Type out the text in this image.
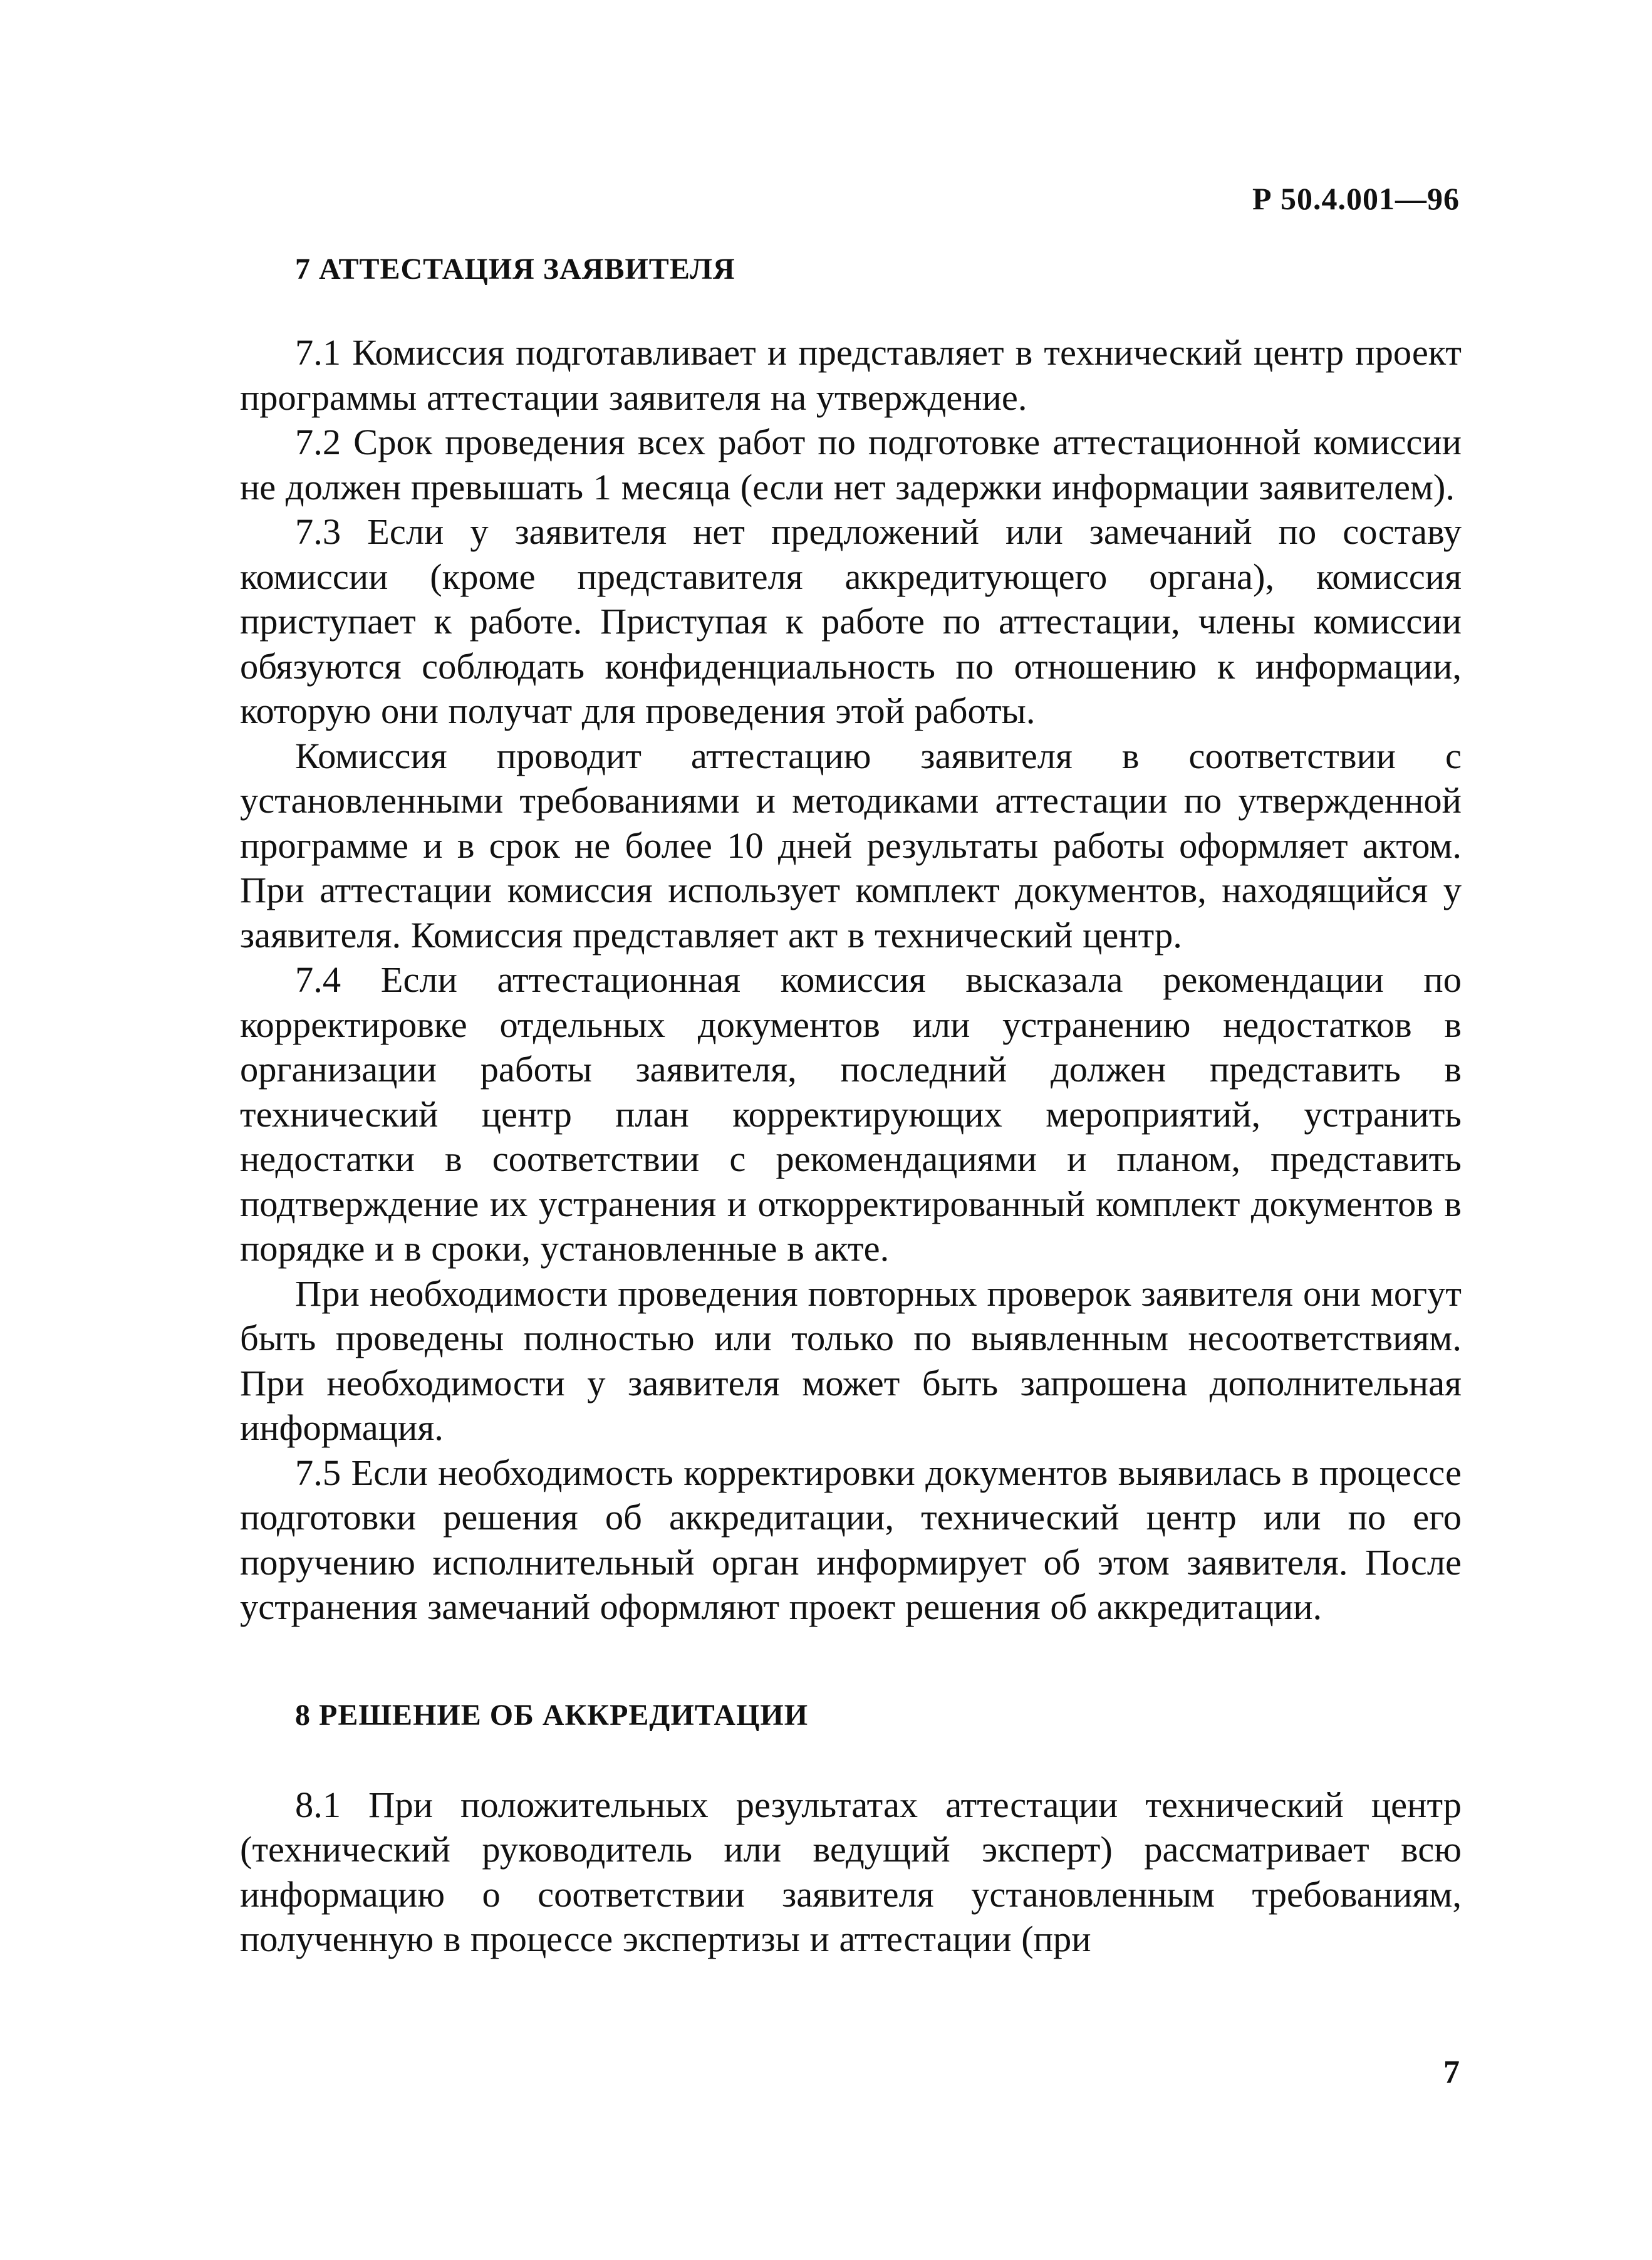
Р 50.4.001—96
7 АТТЕСТАЦИЯ ЗАЯВИТЕЛЯ

7.1 Комиссия подготавливает и представляет в технический центр проект программы аттестации заявителя на утверждение.

7.2 Срок проведения всех работ по подготовке аттестационной комиссии не должен превышать 1 месяца (если нет задержки информации заявителем).

7.3 Если у заявителя нет предложений или замечаний по составу комиссии (кроме представителя аккредитующего органа), комиссия приступает к работе. Приступая к работе по аттестации, члены комиссии обязуются соблюдать конфиденциальность по отношению к информации, которую они получат для проведения этой работы.

Комиссия проводит аттестацию заявителя в соответствии с установленными требованиями и методиками аттестации по утвержденной программе и в срок не более 10 дней результаты работы оформляет актом. При аттестации комиссия использует комплект документов, находящийся у заявителя. Комиссия представляет акт в технический центр.

7.4 Если аттестационная комиссия высказала рекомендации по корректировке отдельных документов или устранению недостатков в организации работы заявителя, последний должен представить в технический центр план корректирующих мероприятий, устранить недостатки в соответствии с рекомендациями и планом, представить подтверждение их устранения и откорректированный комплект документов в порядке и в сроки, установленные в акте.

При необходимости проведения повторных проверок заявителя они могут быть проведены полностью или только по выявленным несоответствиям. При необходимости у заявителя может быть запрошена дополнительная информация.

7.5 Если необходимость корректировки документов выявилась в процессе подготовки решения об аккредитации, технический центр или по его поручению исполнительный орган информирует об этом заявителя. После устранения замечаний оформляют проект решения об аккредитации.

8 РЕШЕНИЕ ОБ АККРЕДИТАЦИИ

8.1 При положительных результатах аттестации технический центр (технический руководитель или ведущий эксперт) рассматривает всю информацию о соответствии заявителя установленным требованиям, полученную в процессе экспертизы и аттестации (при

7
